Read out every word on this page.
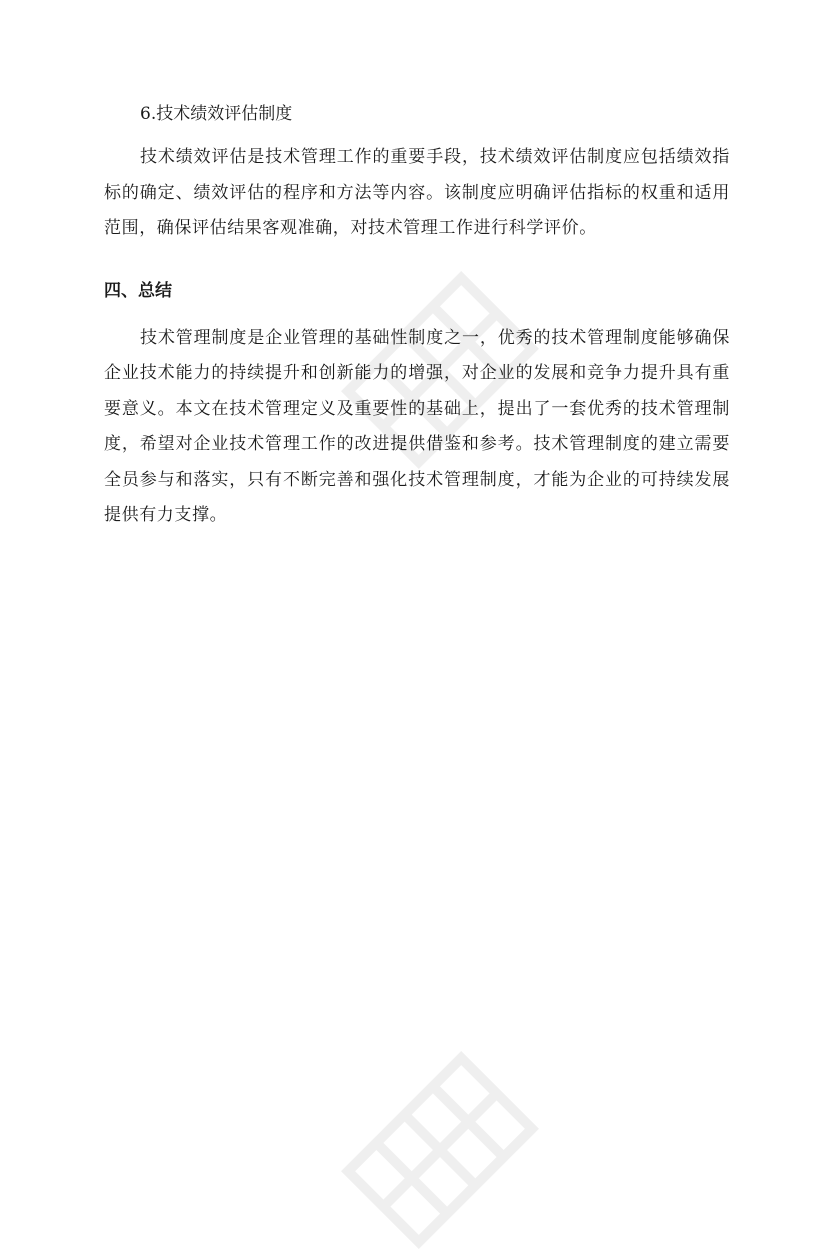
6.技术绩效评估制度

技术绩效评估是技术管理工作的重要手段，技术绩效评估制度应包括绩效指标的确定、绩效评估的程序和方法等内容。该制度应明确评估指标的权重和适用范围，确保评估结果客观准确，对技术管理工作进行科学评价。

四、总结

技术管理制度是企业管理的基础性制度之一，优秀的技术管理制度能够确保企业技术能力的持续提升和创新能力的增强，对企业的发展和竞争力提升具有重要意义。本文在技术管理定义及重要性的基础上，提出了一套优秀的技术管理制度，希望对企业技术管理工作的改进提供借鉴和参考。技术管理制度的建立需要全员参与和落实，只有不断完善和强化技术管理制度，才能为企业的可持续发展提供有力支撑。
